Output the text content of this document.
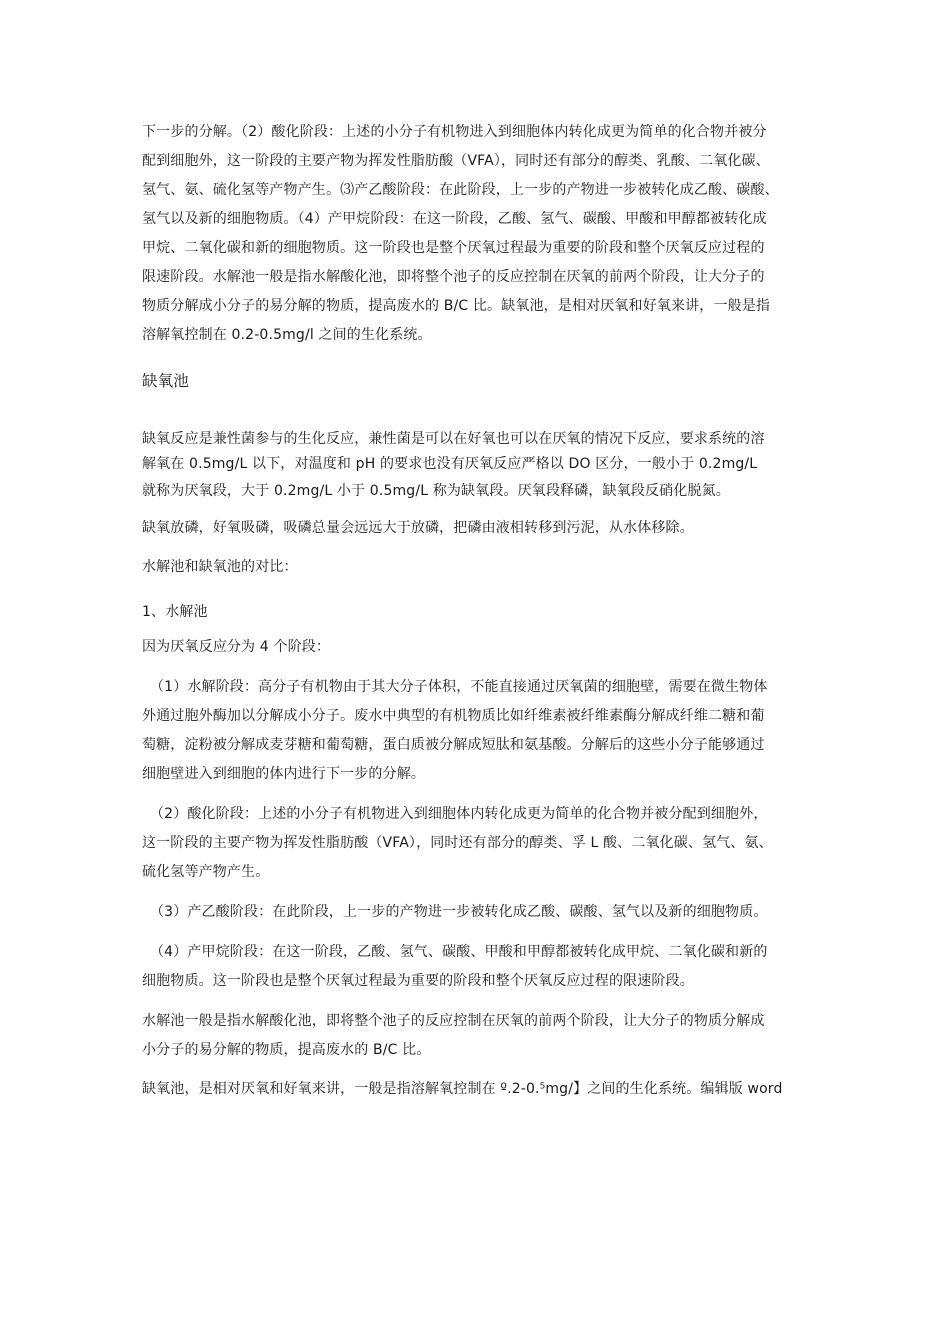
下一步的分解。（2）酸化阶段：上述的小分子有机物进入到细胞体内转化成更为简单的化合物并被分
配到细胞外，这一阶段的主要产物为挥发性脂肪酸（VFA），同时还有部分的醇类、乳酸、二氧化碳、
氢气、氨、硫化氢等产物产生。⑶产乙酸阶段：在此阶段，上一步的产物进一步被转化成乙酸、碳酸、
氢气以及新的细胞物质。（4）产甲烷阶段：在这一阶段，乙酸、氢气、碳酸、甲酸和甲醇都被转化成
甲烷、二氧化碳和新的细胞物质。这一阶段也是整个厌氧过程最为重要的阶段和整个厌氧反应过程的
限速阶段。水解池一般是指水解酸化池，即将整个池子的反应控制在厌氧的前两个阶段，让大分子的
物质分解成小分子的易分解的物质，提高废水的 B/C 比。缺氧池，是相对厌氧和好氧来讲，一般是指
溶解氧控制在 0.2-0.5mg/l 之间的生化系统。
缺氧池
缺氧反应是兼性菌参与的生化反应，兼性菌是可以在好氧也可以在厌氧的情况下反应，要求系统的溶
解氧在 0.5mg/L 以下，对温度和 pH 的要求也没有厌氧反应严格以 DO 区分，一般小于 0.2mg/L
就称为厌氧段，大于 0.2mg/L 小于 0.5mg/L 称为缺氧段。厌氧段释磷，缺氧段反硝化脱氮。
缺氧放磷，好氧吸磷，吸磷总量会远远大于放磷，把磷由液相转移到污泥，从水体移除。
水解池和缺氧池的对比：
1、水解池
因为厌氧反应分为 4 个阶段：
（1）水解阶段：高分子有机物由于其大分子体积，不能直接通过厌氧菌的细胞壁，需要在微生物体
外通过胞外酶加以分解成小分子。废水中典型的有机物质比如纤维素被纤维素酶分解成纤维二糖和葡
萄糖，淀粉被分解成麦芽糖和葡萄糖，蛋白质被分解成短肽和氨基酸。分解后的这些小分子能够通过
细胞壁进入到细胞的体内进行下一步的分解。
（2）酸化阶段：上述的小分子有机物进入到细胞体内转化成更为简单的化合物并被分配到细胞外，
这一阶段的主要产物为挥发性脂肪酸（VFA），同时还有部分的醇类、孚 L 酸、二氧化碳、氢气、氨、
硫化氢等产物产生。
（3）产乙酸阶段：在此阶段，上一步的产物进一步被转化成乙酸、碳酸、氢气以及新的细胞物质。
（4）产甲烷阶段：在这一阶段，乙酸、氢气、碳酸、甲酸和甲醇都被转化成甲烷、二氧化碳和新的
细胞物质。这一阶段也是整个厌氧过程最为重要的阶段和整个厌氧反应过程的限速阶段。
水解池一般是指水解酸化池，即将整个池子的反应控制在厌氧的前两个阶段，让大分子的物质分解成
小分子的易分解的物质，提高废水的 B/C 比。
缺氧池，是相对厌氧和好氧来讲，一般是指溶解氧控制在 º.2-0.⁵mg/】之间的生化系统。编辑版 word
